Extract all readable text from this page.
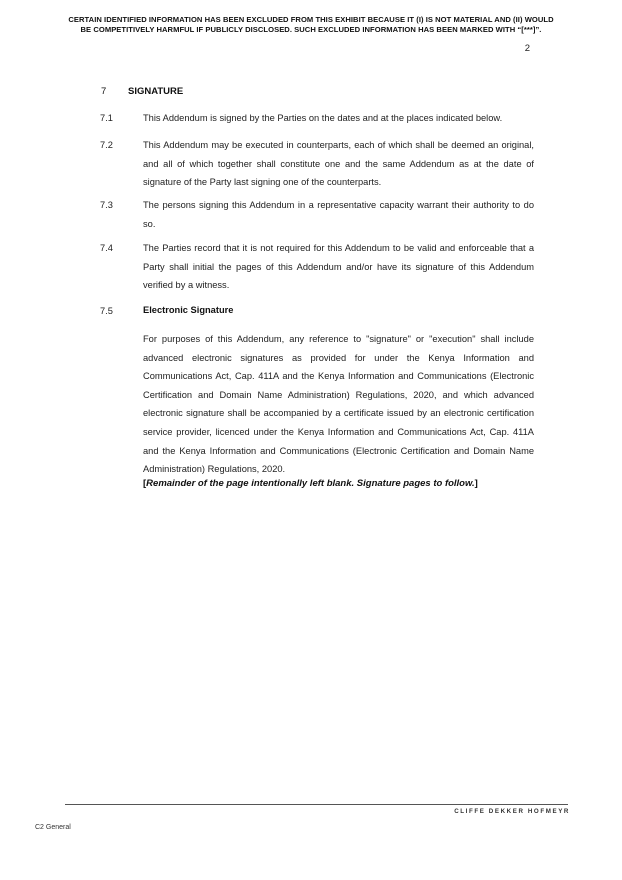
CERTAIN IDENTIFIED INFORMATION HAS BEEN EXCLUDED FROM THIS EXHIBIT BECAUSE IT (I) IS NOT MATERIAL AND (II) WOULD
BE COMPETITIVELY HARMFUL IF PUBLICLY DISCLOSED. SUCH EXCLUDED INFORMATION HAS BEEN MARKED WITH “[***]”.
2
7 SIGNATURE
7.1	This Addendum is signed by the Parties on the dates and at the places indicated below.
7.2	This Addendum may be executed in counterparts, each of which shall be deemed an original, and all of which together shall constitute one and the same Addendum as at the date of signature of the Party last signing one of the counterparts.
7.3	The persons signing this Addendum in a representative capacity warrant their authority to do so.
7.4	The Parties record that it is not required for this Addendum to be valid and enforceable that a Party shall initial the pages of this Addendum and/or have its signature of this Addendum verified by a witness.
7.5	Electronic Signature
For purposes of this Addendum, any reference to "signature" or "execution" shall include advanced electronic signatures as provided for under the Kenya Information and Communications Act, Cap. 411A and the Kenya Information and Communications (Electronic Certification and Domain Name Administration) Regulations, 2020, and which advanced electronic signature shall be accompanied by a certificate issued by an electronic certification service provider, licenced under the Kenya Information and Communications Act, Cap. 411A and the Kenya Information and Communications (Electronic Certification and Domain Name Administration) Regulations, 2020.
[Remainder of the page intentionally left blank. Signature pages to follow.]
CLIFFE DEKKER HOFMEYR
C2 General
